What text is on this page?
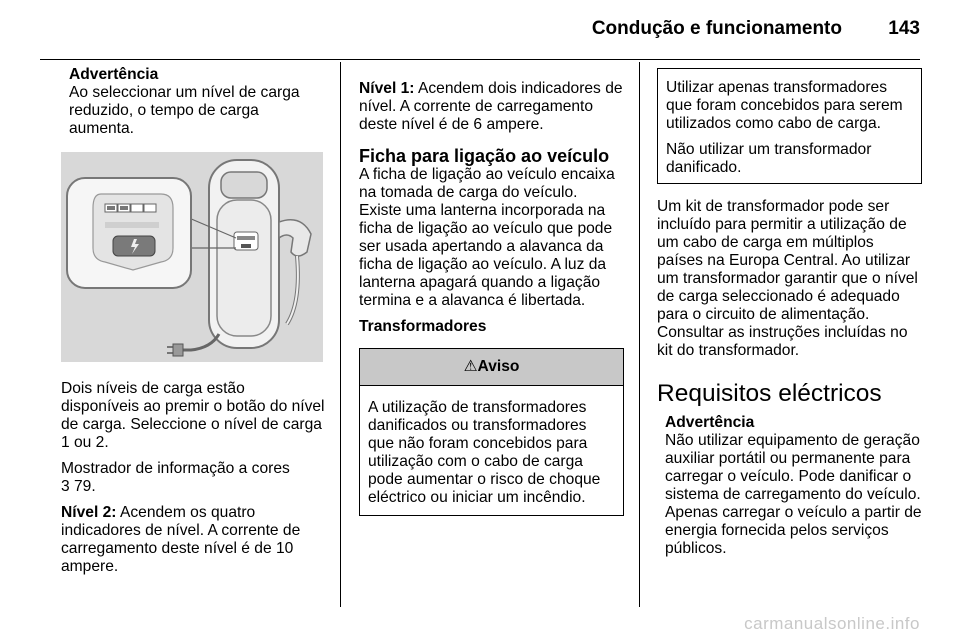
Condução e funcionamento 143
Advertência
Ao seleccionar um nível de carga reduzido, o tempo de carga aumenta.

Dois níveis de carga estão disponíveis ao premir o botão do nível de carga. Seleccione o nível de carga 1 ou 2.

Mostrador de informação a cores
3 79.

Nível 2: Acendem os quatro indicadores de nível. A corrente de carregamento deste nível é de 10 ampere.

Nível 1: Acendem dois indicadores de nível. A corrente de carregamento deste nível é de 6 ampere.

Ficha para ligação ao veículo

A ficha de ligação ao veículo encaixa na tomada de carga do veículo. Existe uma lanterna incorporada na ficha de ligação ao veículo que pode ser usada apertando a alavanca da ficha de ligação ao veículo. A luz da lanterna apagará quando a ligação termina e a alavanca é libertada.

Transformadores
⚠ Aviso
A utilização de transformadores danificados ou transformadores que não foram concebidos para utilização com o cabo de carga pode aumentar o risco de choque eléctrico ou iniciar um incêndio.

Utilizar apenas transformadores que foram concebidos para serem utilizados como cabo de carga.

Não utilizar um transformador danificado.

Um kit de transformador pode ser incluído para permitir a utilização de um cabo de carga em múltiplos países na Europa Central. Ao utilizar um transformador garantir que o nível de carga seleccionado é adequado para o circuito de alimentação. Consultar as instruções incluídas no kit do transformador.

Requisitos eléctricos
Advertência
Não utilizar equipamento de geração auxiliar portátil ou permanente para carregar o veículo. Pode danificar o sistema de carregamento do veículo. Apenas carregar o veículo a partir de energia fornecida pelos serviços públicos.
carmanualsonline.info
